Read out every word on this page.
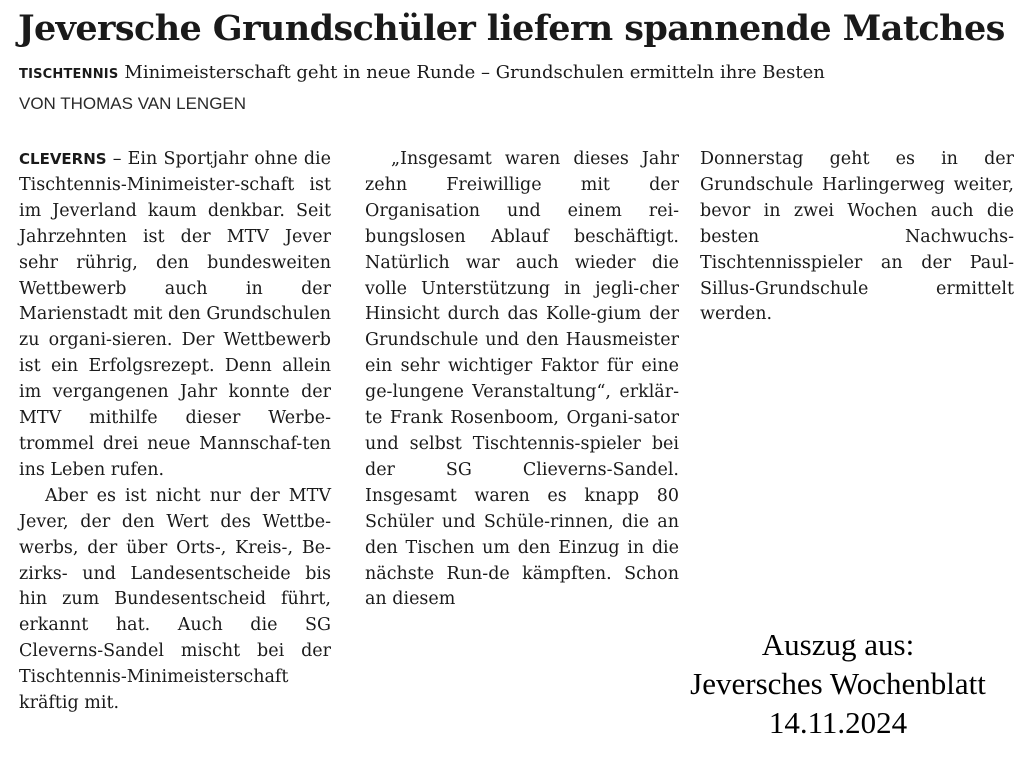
Jeversche Grundschüler liefern spannende Matches
TISCHTENNIS Minimeisterschaft geht in neue Runde – Grundschulen ermitteln ihre Besten
VON THOMAS VAN LENGEN

CLEVERNS – Ein Sportjahr ohne die Tischtennis-Minimeister-schaft ist im Jeverland kaum denkbar. Seit Jahrzehnten ist der MTV Jever sehr rührig, den bundesweiten Wettbewerb auch in der Marienstadt mit den Grundschulen zu organi-sieren. Der Wettbewerb ist ein Erfolgsrezept. Denn allein im vergangenen Jahr konnte der MTV mithilfe dieser Werbe-trommel drei neue Mannschaf-ten ins Leben rufen.

Aber es ist nicht nur der MTV Jever, der den Wert des Wettbe-werbs, der über Orts-, Kreis-, Be-zirks- und Landesentscheide bis hin zum Bundesentscheid führt, erkannt hat. Auch die SG Cleverns-Sandel mischt bei der Tischtennis-Minimeisterschaft kräftig mit.

„Insgesamt waren dieses Jahr zehn Freiwillige mit der Organisation und einem rei-bungslosen Ablauf beschäftigt. Natürlich war auch wieder die volle Unterstützung in jegli-cher Hinsicht durch das Kolle-gium der Grundschule und den Hausmeister ein sehr wichtiger Faktor für eine ge-lungene Veranstaltung“, erklär-te Frank Rosenboom, Organi-sator und selbst Tischtennis-spieler bei der SG Clieverns-Sandel. Insgesamt waren es knapp 80 Schüler und Schüle-rinnen, die an den Tischen um den Einzug in die nächste Run-de kämpften. Schon an diesem

Donnerstag geht es in der Grundschule Harlingerweg weiter, bevor in zwei Wochen auch die besten Nachwuchs-Tischtennisspieler an der Paul-Sillus-Grundschule ermittelt werden.

Auszug aus:
Jeversches Wochenblatt
14.11.2024
